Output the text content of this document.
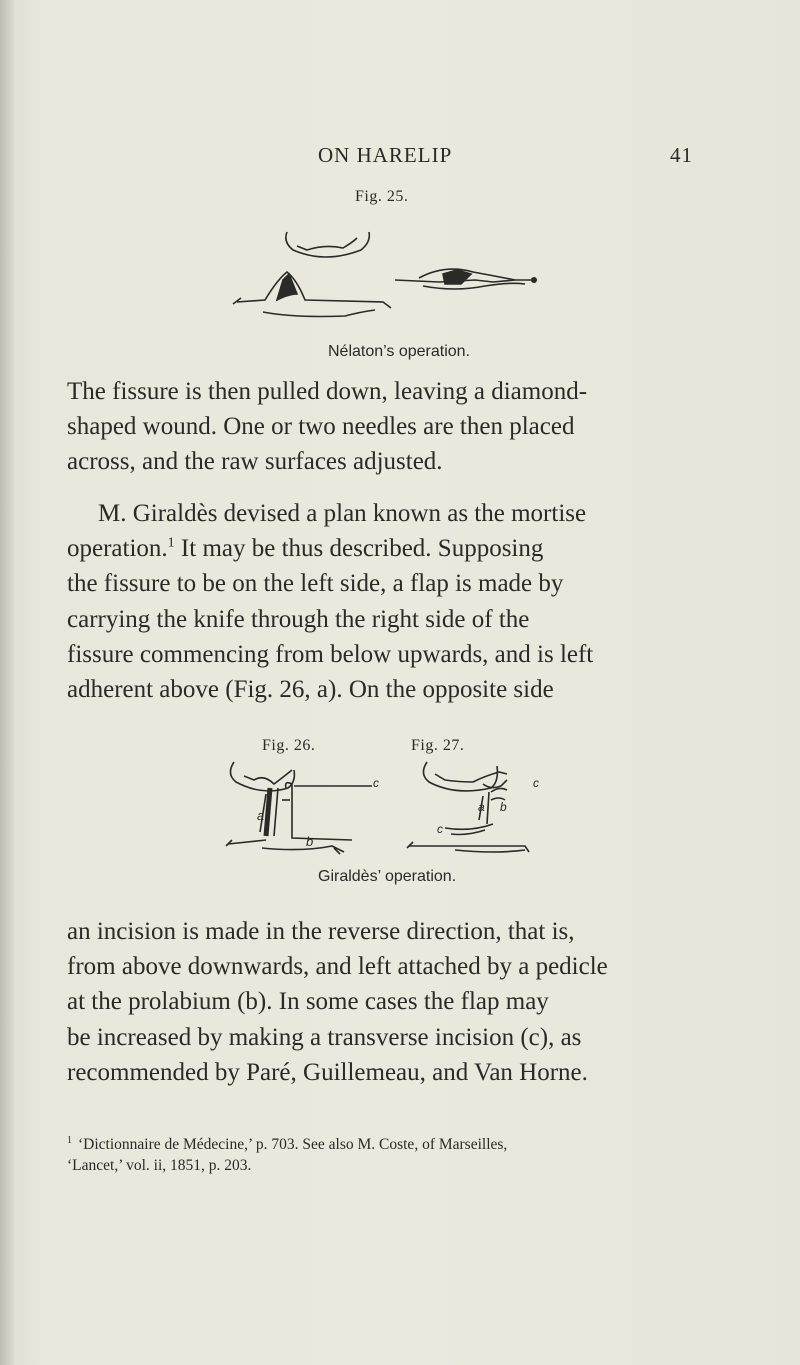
ON HARELIP	41
Fig. 25.
Nélaton’s operation.

The fissure is then pulled down, leaving a diamond-

shaped wound. One or two needles are then placed

across, and the raw surfaces adjusted.

M. Giraldès devised a plan known as the mortise

operation.$^1$ It may be thus described. Supposing

the fissure to be on the left side, a flap is made by

carrying the knife through the right side of the

fissure commencing from below upwards, and is left

adherent above (Fig. 26, a). On the opposite side

Fig. 26.	Fig. 27.
c
a
b
c
a b
c
Giraldès’ operation.

an incision is made in the reverse direction, that is,

from above downwards, and left attached by a pedicle

at the prolabium (b). In some cases the flap may

be increased by making a transverse incision (c), as

recommended by Paré, Guillemeau, and Van Horne.

$^1$ ‘Dictionnaire de Médecine,’ p. 703. See also M. Coste, of Marseilles,
‘Lancet,’ vol. ii, 1851, p. 203.
